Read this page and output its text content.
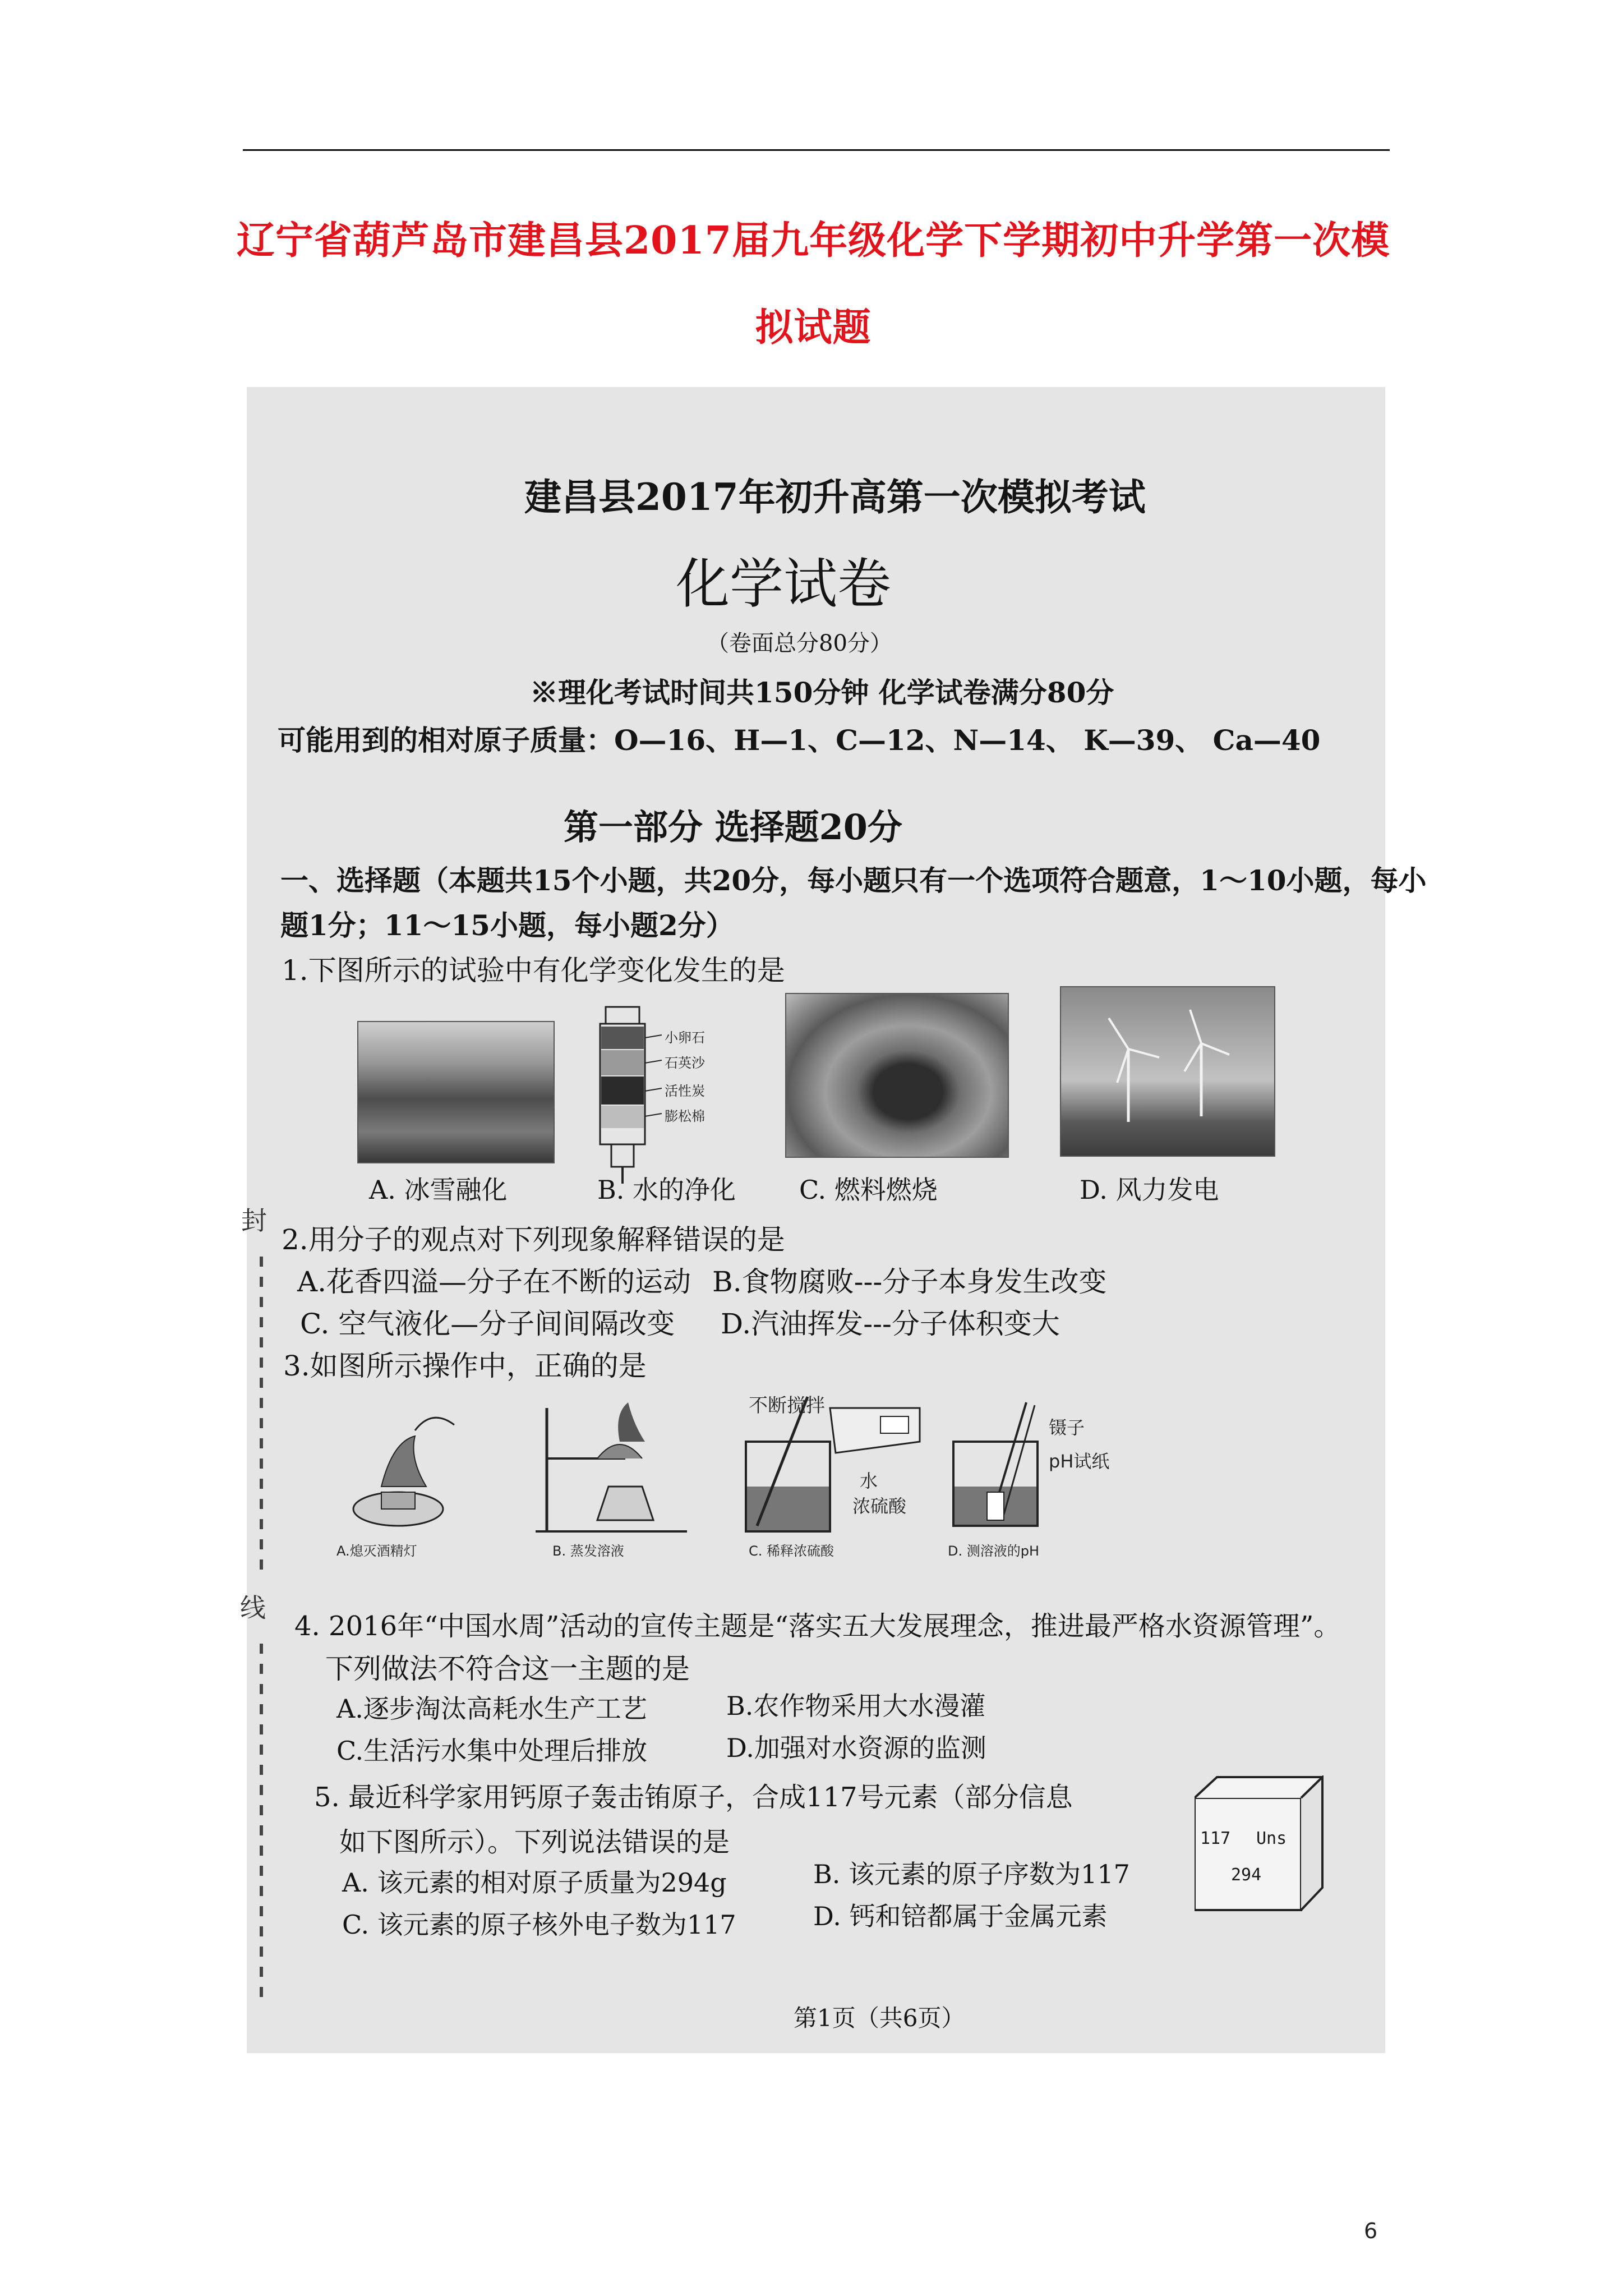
辽宁省葫芦岛市建昌县2017届九年级化学下学期初中升学第一次模
拟试题
建昌县2017年初升高第一次模拟考试
化学试卷
（卷面总分80分）
※理化考试时间共150分钟 化学试卷满分80分
可能用到的相对原子质量：O—16、H—1、C—12、N—14、 K—39、 Ca—40
第一部分 选择题20分
一、选择题（本题共15个小题，共20分，每小题只有一个选项符合题意，1～10小题，每小
题1分；11～15小题，每小题2分）
1.下图所示的试验中有化学变化发生的是
小卵石
石英沙
活性炭
膨松棉
A. 冰雪融化	B. 水的净化 C. 燃料燃烧	D. 风力发电
2.用分子的观点对下列现象解释错误的是
A.花香四溢—分子在不断的运动 B.食物腐败---分子本身发生改变
C. 空气液化—分子间间隔改变 D.汽油挥发---分子体积变大
3.如图所示操作中，正确的是
A.熄灭酒精灯	B. 蒸发溶液
不断搅拌
水
浓硫酸
C. 稀释浓硫酸
镊子
pH试纸
D. 测溶液的pH
4. 2016年“中国水周”活动的宣传主题是“落实五大发展理念，推进最严格水资源管理”。
下列做法不符合这一主题的是
A.逐步淘汰高耗水生产工艺	B.农作物采用大水漫灌
C.生活污水集中处理后排放	D.加强对水资源的监测
5. 最近科学家用钙原子轰击铕原子，合成117号元素（部分信息
如下图所示）。下列说法错误的是
A. 该元素的相对原子质量为294g	B. 该元素的原子序数为117
C. 该元素的原子核外电子数为117	D. 钙和锫都属于金属元素
第1页（共6页）
117 Uns
294
封
线
6
